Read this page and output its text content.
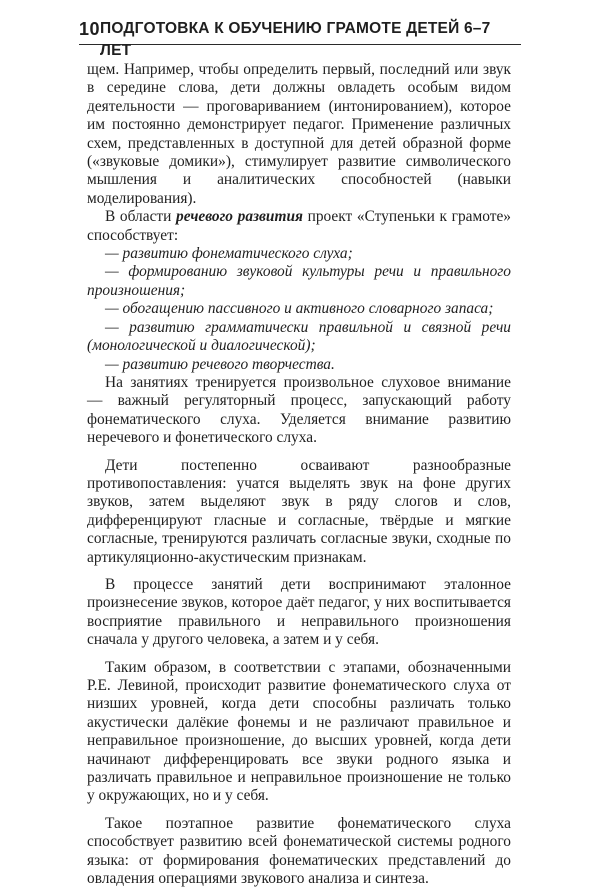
10 ПОДГОТОВКА К ОБУЧЕНИЮ ГРАМОТЕ ДЕТЕЙ 6–7 ЛЕТ

щем. Например, чтобы определить первый, последний или звук в середине слова, дети должны овладеть особым видом деятельности — проговариванием (интонированием), которое им постоянно демонстрирует педагог. Применение различных схем, представленных в доступной для детей образной форме («звуковые домики»), стимулирует развитие символического мышления и аналитических способностей (навыки моделирования).

В области речевого развития проект «Ступеньки к грамоте» способствует:

— развитию фонематического слуха;
— формированию звуковой культуры речи и правильного произношения;
— обогащению пассивного и активного словарного запаса;
— развитию грамматически правильной и связной речи (монологической и диалогической);
— развитию речевого творчества.

На занятиях тренируется произвольное слуховое внимание — важный регуляторный процесс, запускающий работу фонематического слуха. Уделяется внимание развитию неречевого и фонетического слуха.

Дети постепенно осваивают разнообразные противопоставления: учатся выделять звук на фоне других звуков, затем выделяют звук в ряду слогов и слов, дифференцируют гласные и согласные, твёрдые и мягкие согласные, тренируются различать согласные звуки, сходные по артикуляционно-акустическим признакам.

В процессе занятий дети воспринимают эталонное произнесение звуков, которое даёт педагог, у них воспитывается восприятие правильного и неправильного произношения сначала у другого человека, а затем и у себя.

Таким образом, в соответствии с этапами, обозначенными Р.Е. Левиной, происходит развитие фонематического слуха от низших уровней, когда дети способны различать только акустически далёкие фонемы и не различают правильное и неправильное произношение, до высших уровней, когда дети начинают дифференцировать все звуки родного языка и различать правильное и неправильное произношение не только у окружающих, но и у себя.

Такое поэтапное развитие фонематического слуха способствует развитию всей фонематической системы родного языка: от формирования фонематических представлений до овладения операциями звукового анализа и синтеза.
